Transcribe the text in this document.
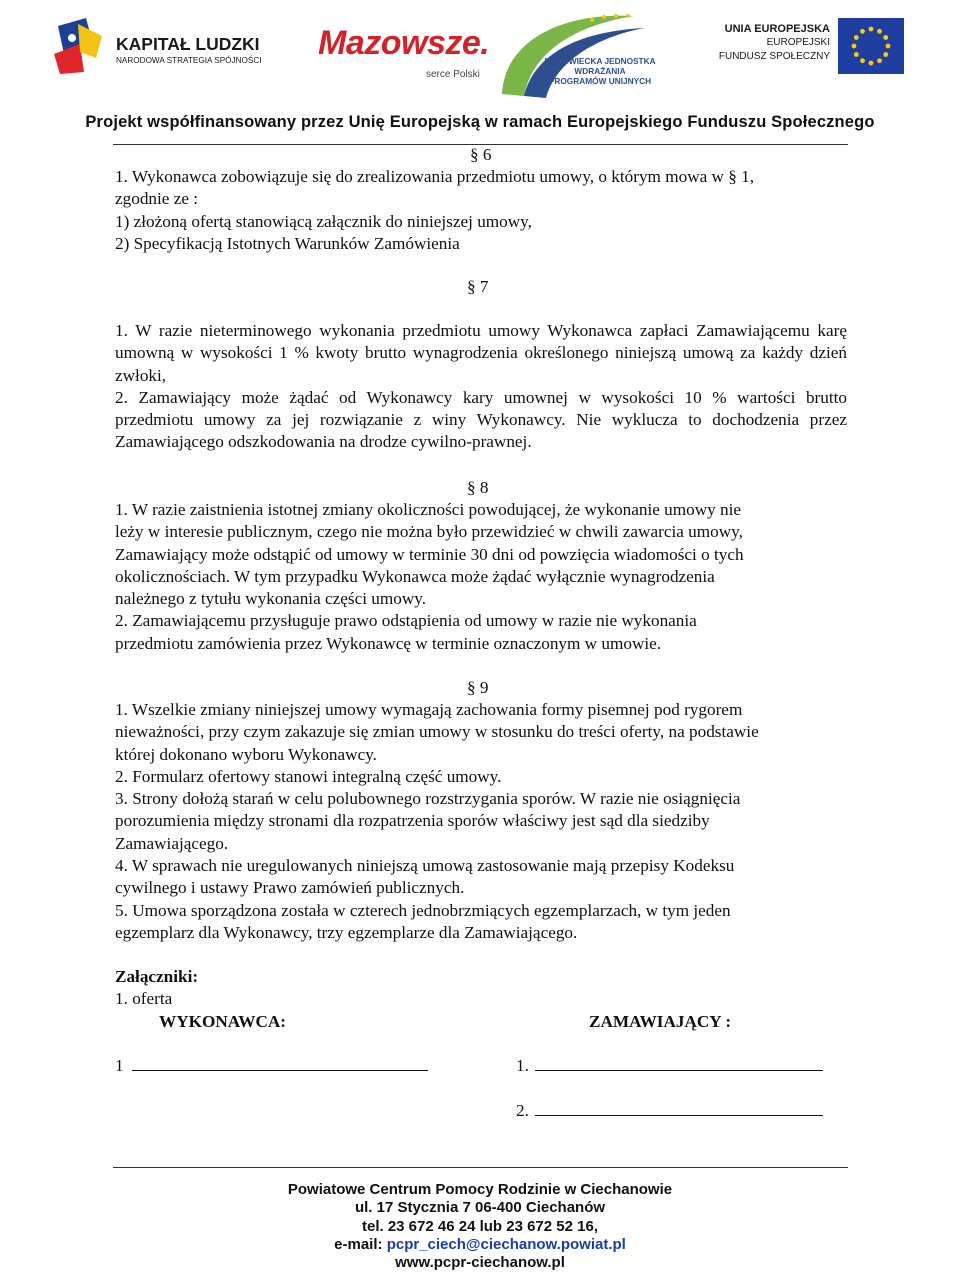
KAPITAŁ LUDZKI
NARODOWA STRATEGIA SPÓJNOŚCI Mazowsze.
serce Polski
MAZOWIECKA JEDNOSTKA
WDRAŻANIA
PROGRAMÓW UNIJNYCH
UNIA EUROPEJSKA
EUROPEJSKI
FUNDUSZ SPOŁECZNY
Projekt współfinansowany przez Unię Europejską w ramach Europejskiego Funduszu Społecznego
§ 6
1. Wykonawca zobowiązuje się do zrealizowania przedmiotu umowy, o którym mowa w § 1,
zgodnie ze :
1) złożoną ofertą stanowiącą załącznik do niniejszej umowy,
2) Specyfikacją Istotnych Warunków Zamówienia
§ 7

1. W razie nieterminowego wykonania przedmiotu umowy Wykonawca zapłaci Zamawiającemu karę umowną w wysokości 1 % kwoty brutto wynagrodzenia określonego niniejszą umową za każdy dzień zwłoki,

2. Zamawiający może żądać od Wykonawcy kary umownej w wysokości 10 % wartości brutto przedmiotu umowy za jej rozwiązanie z winy Wykonawcy. Nie wyklucza to dochodzenia przez Zamawiającego odszkodowania na drodze cywilno-prawnej.

§ 8
1. W razie zaistnienia istotnej zmiany okoliczności powodującej, że wykonanie umowy nie
leży w interesie publicznym, czego nie można było przewidzieć w chwili zawarcia umowy,
Zamawiający może odstąpić od umowy w terminie 30 dni od powzięcia wiadomości o tych
okolicznościach. W tym przypadku Wykonawca może żądać wyłącznie wynagrodzenia
należnego z tytułu wykonania części umowy.
2. Zamawiającemu przysługuje prawo odstąpienia od umowy w razie nie wykonania
przedmiotu zamówienia przez Wykonawcę w terminie oznaczonym w umowie.
§ 9
1. Wszelkie zmiany niniejszej umowy wymagają zachowania formy pisemnej pod rygorem
nieważności, przy czym zakazuje się zmian umowy w stosunku do treści oferty, na podstawie
której dokonano wyboru Wykonawcy.
2. Formularz ofertowy stanowi integralną część umowy.
3. Strony dołożą starań w celu polubownego rozstrzygania sporów. W razie nie osiągnięcia
porozumienia między stronami dla rozpatrzenia sporów właściwy jest sąd dla siedziby
Zamawiającego.
4. W sprawach nie uregulowanych niniejszą umową zastosowanie mają przepisy Kodeksu
cywilnego i ustawy Prawo zamówień publicznych.
5. Umowa sporządzona została w czterech jednobrzmiących egzemplarzach, w tym jeden
egzemplarz dla Wykonawcy, trzy egzemplarze dla Zamawiającego.
Załączniki:
1. oferta
WYKONAWCA:	ZAMAWIAJĄCY :
1	1.
2.
Powiatowe Centrum Pomocy Rodzinie w Ciechanowie
ul. 17 Stycznia 7 06-400 Ciechanów
tel. 23 672 46 24 lub 23 672 52 16,
e-mail: pcpr_ciech@ciechanow.powiat.pl
www.pcpr-ciechanow.pl
